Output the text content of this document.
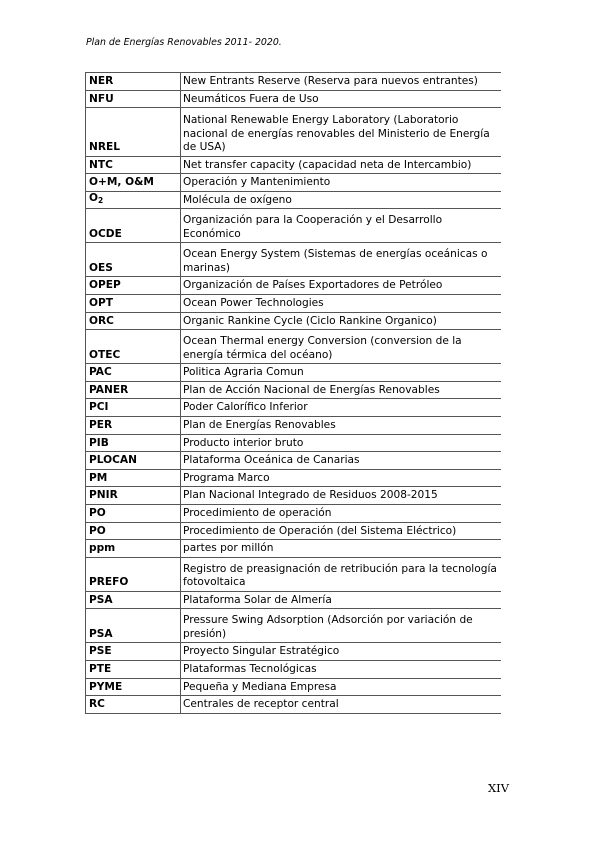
Plan de Energías Renovables 2011- 2020.
NER	New Entrants Reserve (Reserva para nuevos entrantes)
NFU	Neumáticos Fuera de Uso
NREL	National Renewable Energy Laboratory (Laboratorio nacional de energías renovables del Ministerio de Energía de USA)
NTC	Net transfer capacity (capacidad neta de Intercambio)
O+M, O&M	Operación y Mantenimiento
$O_2$	Molécula de oxígeno
OCDE	Organización para la Cooperación y el Desarrollo Económico
OES	Ocean Energy System (Sistemas de energías oceánicas o marinas)
OPEP	Organización de Países Exportadores de Petróleo
OPT	Ocean Power Technologies
ORC	Organic Rankine Cycle (Ciclo Rankine Organico)
OTEC	Ocean Thermal energy Conversion (conversion de la energía térmica del océano)
PAC	Politica Agraria Comun
PANER	Plan de Acción Nacional de Energías Renovables
PCI	Poder Calorífico Inferior
PER	Plan de Energías Renovables
PIB	Producto interior bruto
PLOCAN	Plataforma Oceánica de Canarias
PM	Programa Marco
PNIR	Plan Nacional Integrado de Residuos 2008-2015
PO	Procedimiento de operación
PO	Procedimiento de Operación (del Sistema Eléctrico)
ppm	partes por millón
PREFO	Registro de preasignación de retribución para la tecnología fotovoltaica
PSA	Plataforma Solar de Almería
PSA	Pressure Swing Adsorption (Adsorción por variación de presión)
PSE	Proyecto Singular Estratégico
PTE	Plataformas Tecnológicas
PYME	Pequeña y Mediana Empresa
RC	Centrales de receptor central
XIV
